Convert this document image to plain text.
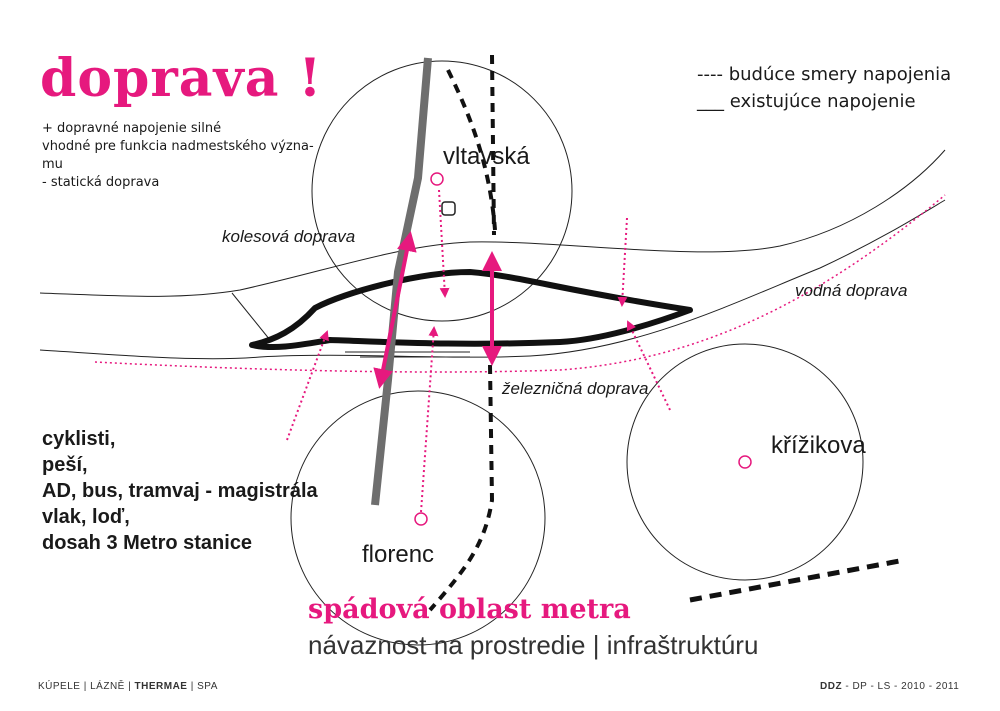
doprava !
+ dopravné napojenie silné
vhodné pre funkcia nadmestského význa-
mu
- statická doprava
---- budúce smery napojenia
___ existujúce napojenie
vltavská
florenc
křížikova
kolesová doprava
vodná doprava
železničná doprava
cyklisti,
peší,
AD, bus, tramvaj - magistrála
vlak, loď,
dosah 3 Metro stanice
spádová oblast metra
návaznost na prostredie | infraštruktúru
KÚPELE | LÁZNĚ | THERMAE | SPA	DDZ - DP - LS - 2010 - 2011
